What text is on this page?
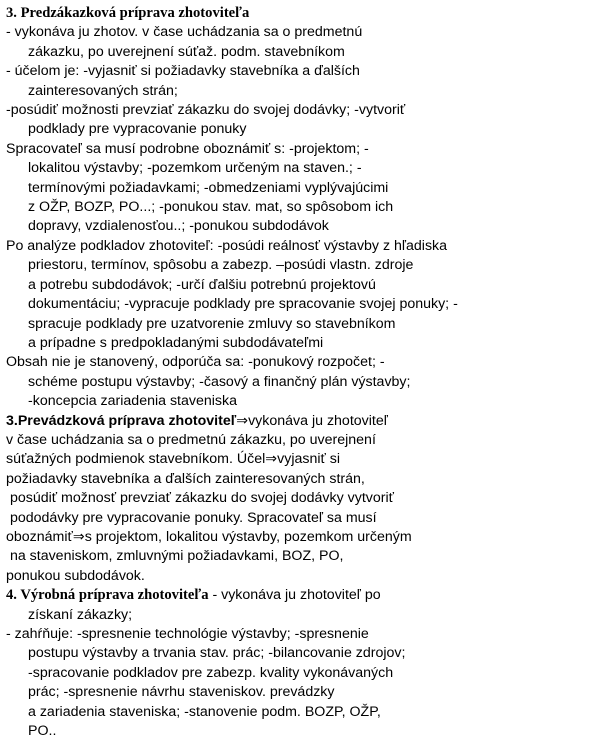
3. Predzákazková príprava zhotoviteľa
- vykonáva ju zhotov. v čase uchádzania sa o predmetnú
zákazku, po uverejnení súťaž. podm. stavebníkom
- účelom je: -vyjasniť si požiadavky stavebníka a ďalších
zainteresovaných strán;
-posúdiť možnosti prevziať zákazku do svojej dodávky; -vytvoriť
podklady pre vypracovanie ponuky
Spracovateľ sa musí podrobne oboznámiť s: -projektom; -
lokalitou výstavby; -pozemkom určeným na staven.; -
termínovými požiadavkami; -obmedzeniami vyplývajúcimi
z OŽP, BOZP, PO...; -ponukou stav. mat, so spôsobom ich
dopravy, vzdialenosťou..; -ponukou subdodávok
Po analýze podkladov zhotoviteľ: -posúdi reálnosť výstavby z hľadiska
priestoru, termínov, spôsobu a zabezp. –posúdi vlastn. zdroje
a potrebu subdodávok; -určí ďalšiu potrebnú projektovú
dokumentáciu; -vypracuje podklady pre spracovanie svojej ponuky; -
spracuje podklady pre uzatvorenie zmluvy so stavebníkom
a prípadne s predpokladanými subdodávateľmi
Obsah nie je stanovený, odporúča sa: -ponukový rozpočet; -
schéme postupu výstavby; -časový a finančný plán výstavby;
-koncepcia zariadenia staveniska
3.Prevádzková príprava zhotoviteľ⇒vykonáva ju zhotoviteľ
v čase uchádzania sa o predmetnú zákazku, po uverejnení
súťažných podmienok stavebníkom. Účel⇒vyjasniť si
požiadavky stavebníka a ďalších zainteresovaných strán,
posúdiť možnosť prevziať zákazku do svojej dodávky vytvoriť
pododávky pre vypracovanie ponuky. Spracovateľ sa musí
oboznámiť⇒s projektom, lokalitou výstavby, pozemkom určeným
na staveniskom, zmluvnými požiadavkami, BOZ, PO,
ponukou subdodávok.
4. Výrobná príprava zhotoviteľa - vykonáva ju zhotoviteľ po
získaní zákazky;
- zahŕňuje: -spresnenie technológie výstavby; -spresnenie
postupu výstavby a trvania stav. prác; -bilancovanie zdrojov;
-spracovanie podkladov pre zabezp. kvality vykonávaných
prác; -spresnenie návrhu staveniskov. prevádzky
a zariadenia staveniska; -stanovenie podm. BOZP, OŽP,
PO..
